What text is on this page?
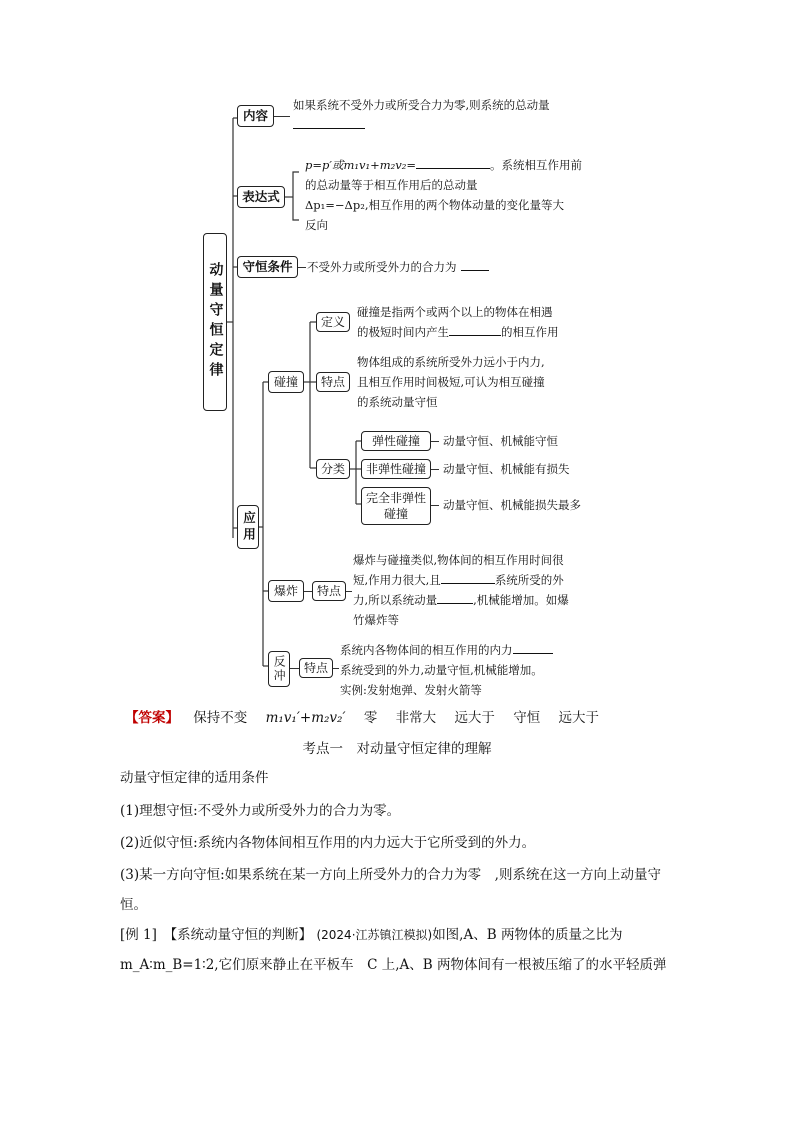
动量守恒定律
内容
如果系统不受外力或所受合力为零,则系统的总动量

表达式
p=p′或m₁v₁+m₂v₂=	。系统相互作用前
的总动量等于相互作用后的总动量
Δp₁=−Δp₂,相互作用的两个物体动量的变化量等大
反向
守恒条件	不受外力或所受外力的合力为
应用
碰撞
定义
碰撞是指两个或两个以上的物体在相遇
的极短时间内产生	的相互作用
特点
物体组成的系统所受外力远小于内力,
且相互作用时间极短,可认为相互碰撞
的系统动量守恒
分类
弹性碰撞	动量守恒、机械能守恒
非弹性碰撞	动量守恒、机械能有损失
完全非弹性碰撞
动量守恒、机械能损失最多
爆炸	特点
爆炸与碰撞类似,物体间的相互作用时间很
短,作用力很大,且	系统所受的外
力,所以系统动量	,机械能增加。如爆
竹爆炸等
反冲	特点
系统内各物体间的相互作用的内力
系统受到的外力,动量守恒,机械能增加。
实例:发射炮弹、发射火箭等
【答案】 保持不变 m₁v₁′+m₂v₂′ 零 非常大 远大于 守恒 远大于
考点一　对动量守恒定律的理解
动量守恒定律的适用条件
(1)理想守恒:不受外力或所受外力的合力为零。
(2)近似守恒:系统内各物体间相互作用的内力远大于它所受到的外力。
(3)某一方向守恒:如果系统在某一方向上所受外力的合力为零　,则系统在这一方向上动量守恒。
[例 1]　【系统动量守恒的判断】 (2024·江苏镇江模拟)如图,A、B 两物体的质量之比为
m_A∶m_B=1∶2,它们原来静止在平板车　C 上,A、B 两物体间有一根被压缩了的水平轻质弹
